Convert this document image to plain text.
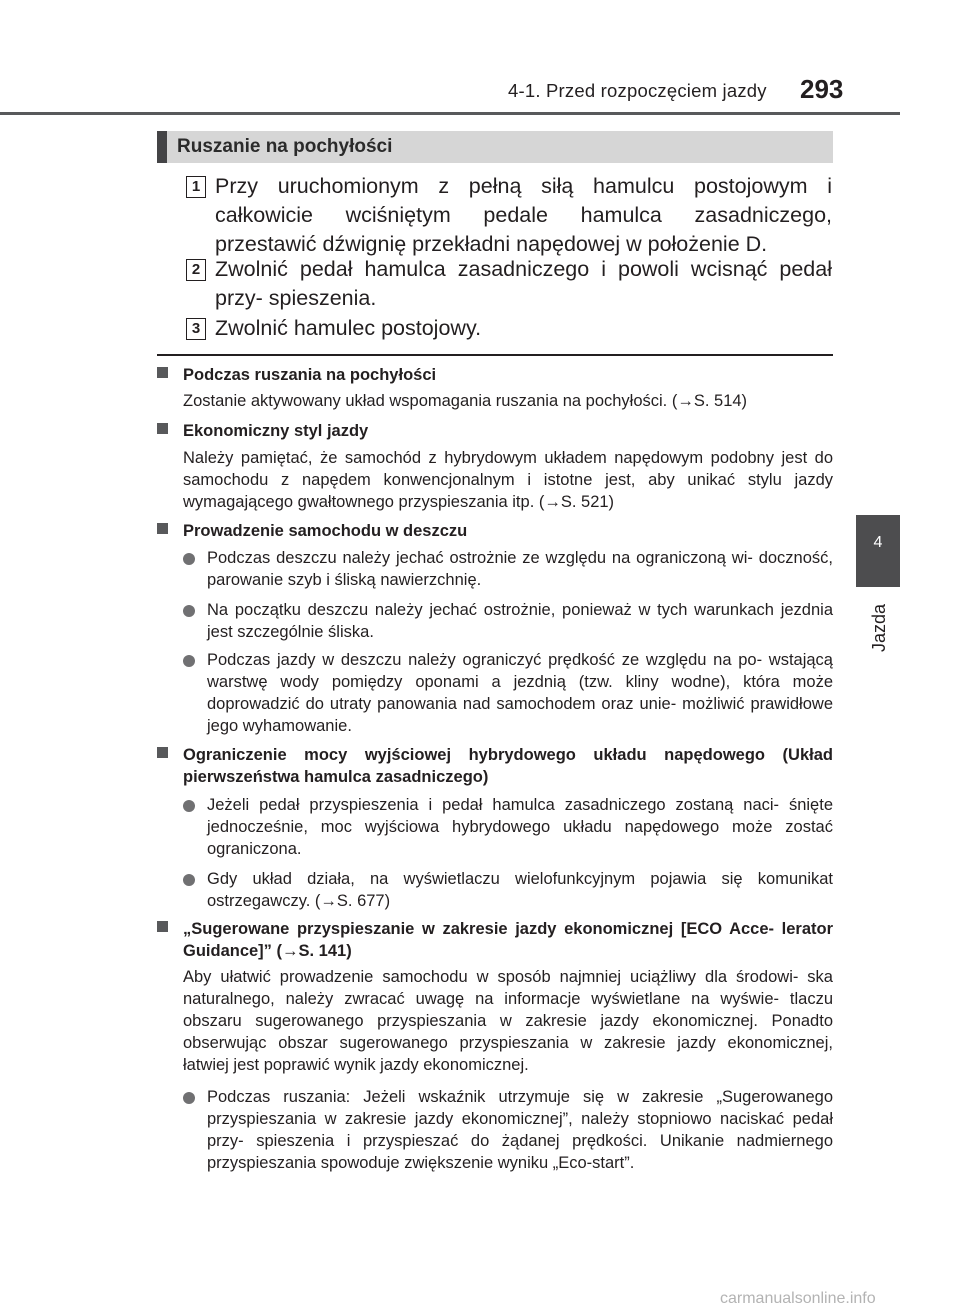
4-1. Przed rozpoczęciem jazdy 293
4
Jazda
Ruszanie na pochyłości
1 Przy uruchomionym z pełną siłą hamulcu postojowym i całkowicie wciśniętym pedale hamulca zasadniczego, przestawić dźwignię przekładni napędowej w położenie D.
2 Zwolnić pedał hamulca zasadniczego i powoli wcisnąć pedał przy- spieszenia.
3 Zwolnić hamulec postojowy.
Podczas ruszania na pochyłości
Zostanie aktywowany układ wspomagania ruszania na pochyłości. (→S. 514)
Ekonomiczny styl jazdy
Należy pamiętać, że samochód z hybrydowym układem napędowym podobny jest do samochodu z napędem konwencjonalnym i istotne jest, aby unikać stylu jazdy wymagającego gwałtownego przyspieszania itp. (→S. 521)
Prowadzenie samochodu w deszczu
Podczas deszczu należy jechać ostrożnie ze względu na ograniczoną wi- doczność, parowanie szyb i śliską nawierzchnię.
Na początku deszczu należy jechać ostrożnie, ponieważ w tych warunkach jezdnia jest szczególnie śliska.
Podczas jazdy w deszczu należy ograniczyć prędkość ze względu na po- wstającą warstwę wody pomiędzy oponami a jezdnią (tzw. kliny wodne), która może doprowadzić do utraty panowania nad samochodem oraz unie- możliwić prawidłowe jego wyhamowanie.
Ograniczenie mocy wyjściowej hybrydowego układu napędowego (Układ pierwszeństwa hamulca zasadniczego)
Jeżeli pedał przyspieszenia i pedał hamulca zasadniczego zostaną naci- śnięte jednocześnie, moc wyjściowa hybrydowego układu napędowego może zostać ograniczona.
Gdy układ działa, na wyświetlaczu wielofunkcyjnym pojawia się komunikat ostrzegawczy. (→S. 677)
„Sugerowane przyspieszanie w zakresie jazdy ekonomicznej [ECO Acce- lerator Guidance]” (→S. 141)
Aby ułatwić prowadzenie samochodu w sposób najmniej uciążliwy dla środowi- ska naturalnego, należy zwracać uwagę na informacje wyświetlane na wyświe- tlaczu obszaru sugerowanego przyspieszania w zakresie jazdy ekonomicznej. Ponadto obserwując obszar sugerowanego przyspieszania w zakresie jazdy ekonomicznej, łatwiej jest poprawić wynik jazdy ekonomicznej.
Podczas ruszania: Jeżeli wskaźnik utrzymuje się w zakresie „Sugerowanego przyspieszania w zakresie jazdy ekonomicznej”, należy stopniowo naciskać pedał przy- spieszenia i przyspieszać do żądanej prędkości. Unikanie nadmiernego przyspieszania spowoduje zwiększenie wyniku „Eco-start”.
carmanualsonline.info
